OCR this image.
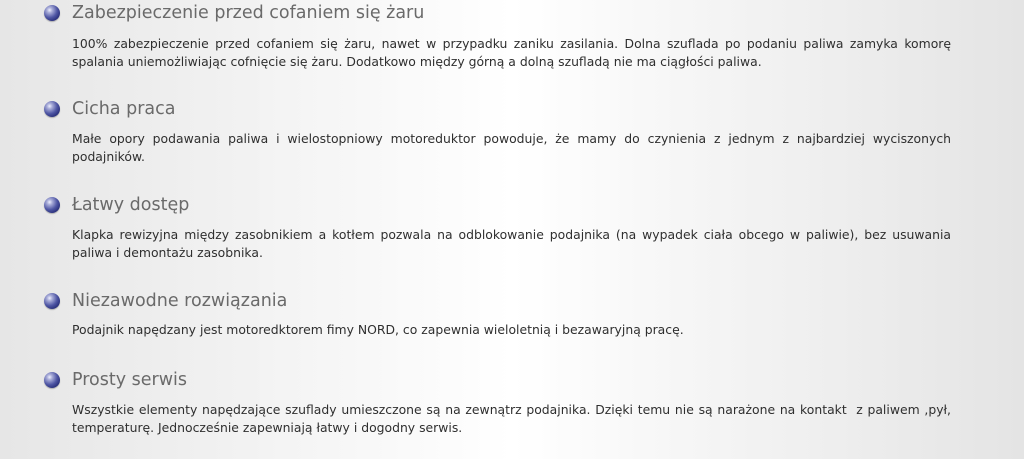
Zabezpieczenie przed cofaniem się żaru
100% zabezpieczenie przed cofaniem się żaru, nawet w przypadku zaniku zasilania. Dolna szuflada po podaniu paliwa zamyka komorę spalania uniemożliwiając cofnięcie się żaru. Dodatkowo między górną a dolną szufladą nie ma ciągłości paliwa.
Cicha praca
Małe opory podawania paliwa i wielostopniowy motoreduktor powoduje, że mamy do czynienia z jednym z najbardziej wyciszonych podajników.
Łatwy dostęp
Klapka rewizyjna między zasobnikiem a kotłem pozwala na odblokowanie podajnika (na wypadek ciała obcego w paliwie), bez usuwania paliwa i demontażu zasobnika.
Niezawodne rozwiązania
Podajnik napędzany jest motoredktorem fimy NORD, co zapewnia wieloletnią i bezawaryjną pracę.
Prosty serwis
Wszystkie elementy napędzające szuflady umieszczone są na zewnątrz podajnika. Dzięki temu nie są narażone na kontakt  z paliwem ,pył, temperaturę. Jednocześnie zapewniają łatwy i dogodny serwis.
